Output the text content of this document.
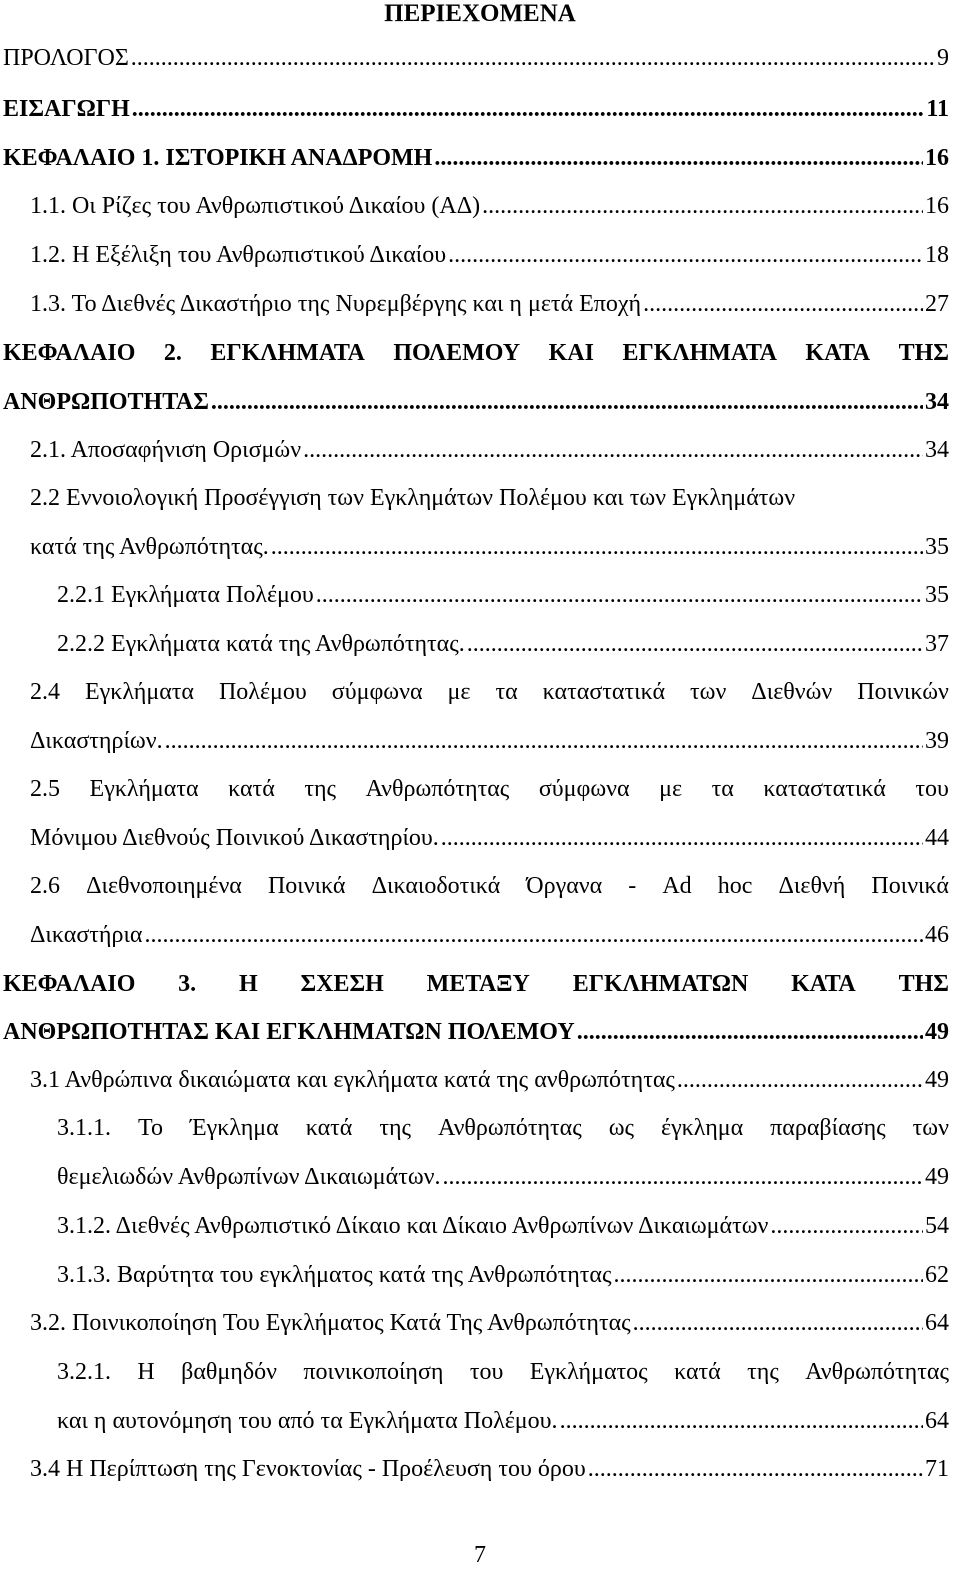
ΠΕΡΙΕΧΟΜΕΝΑ
ΠΡΟΛΟΓΟΣ .....	9
ΕΙΣΑΓΩΓΗ .....	11
ΚΕΦΑΛΑΙΟ 1. ΙΣΤΟΡΙΚΗ ΑΝΑΔΡΟΜΗ .....	16
1.1. Οι Ρίζες του Ανθρωπιστικού Δικαίου (ΑΔ) .....	16
1.2. Η Εξέλιξη του Ανθρωπιστικού Δικαίου .....	18
1.3. Το Διεθνές Δικαστήριο της Νυρεμβέργης και η μετά Εποχή .....	27
ΚΕΦΑΛΑΙΟ 2. ΕΓΚΛΗΜΑΤΑ ΠΟΛΕΜΟΥ ΚΑΙ ΕΓΚΛΗΜΑΤΑ ΚΑΤΑ ΤΗΣ
ΑΝΘΡΩΠΟΤΗΤΑΣ .....	34
2.1. Αποσαφήνιση Ορισμών .....	34
2.2 Εννοιολογική Προσέγγιση των Εγκλημάτων Πολέμου και των Εγκλημάτων
κατά της Ανθρωπότητας. .....	35
2.2.1 Εγκλήματα Πολέμου .....	35
2.2.2 Εγκλήματα κατά της Ανθρωπότητας. .....	37
2.4 Εγκλήματα Πολέμου σύμφωνα με τα καταστατικά των Διεθνών Ποινικών
Δικαστηρίων. .....	39
2.5 Εγκλήματα κατά της Ανθρωπότητας σύμφωνα με τα καταστατικά του
Μόνιμου Διεθνούς Ποινικού Δικαστηρίου. .....	44
2.6 Διεθνοποιημένα Ποινικά Δικαιοδοτικά Όργανα - Ad hoc Διεθνή Ποινικά
Δικαστήρια .....	46
ΚΕΦΑΛΑΙΟ 3. Η ΣΧΕΣΗ ΜΕΤΑΞΥ ΕΓΚΛΗΜΑΤΩΝ ΚΑΤΑ ΤΗΣ
ΑΝΘΡΩΠΟΤΗΤΑΣ ΚΑΙ ΕΓΚΛΗΜΑΤΩΝ ΠΟΛΕΜΟΥ .....	49
3.1 Ανθρώπινα δικαιώματα και εγκλήματα κατά της ανθρωπότητας .....	49
3.1.1. Το Έγκλημα κατά της Ανθρωπότητας ως έγκλημα παραβίασης των
θεμελιωδών Ανθρωπίνων Δικαιωμάτων. .....	49
3.1.2. Διεθνές Ανθρωπιστικό Δίκαιο και Δίκαιο Ανθρωπίνων Δικαιωμάτων .....	54
3.1.3. Βαρύτητα του εγκλήματος κατά της Ανθρωπότητας .....	62
3.2. Ποινικοποίηση Του Εγκλήματος Κατά Της Ανθρωπότητας .....	64
3.2.1. Η βαθμηδόν ποινικοποίηση του Εγκλήματος κατά της Ανθρωπότητας
και η αυτονόμηση του από τα Εγκλήματα Πολέμου. .....	64
3.4 Η Περίπτωση της Γενοκτονίας - Προέλευση του όρου .....	71
7
